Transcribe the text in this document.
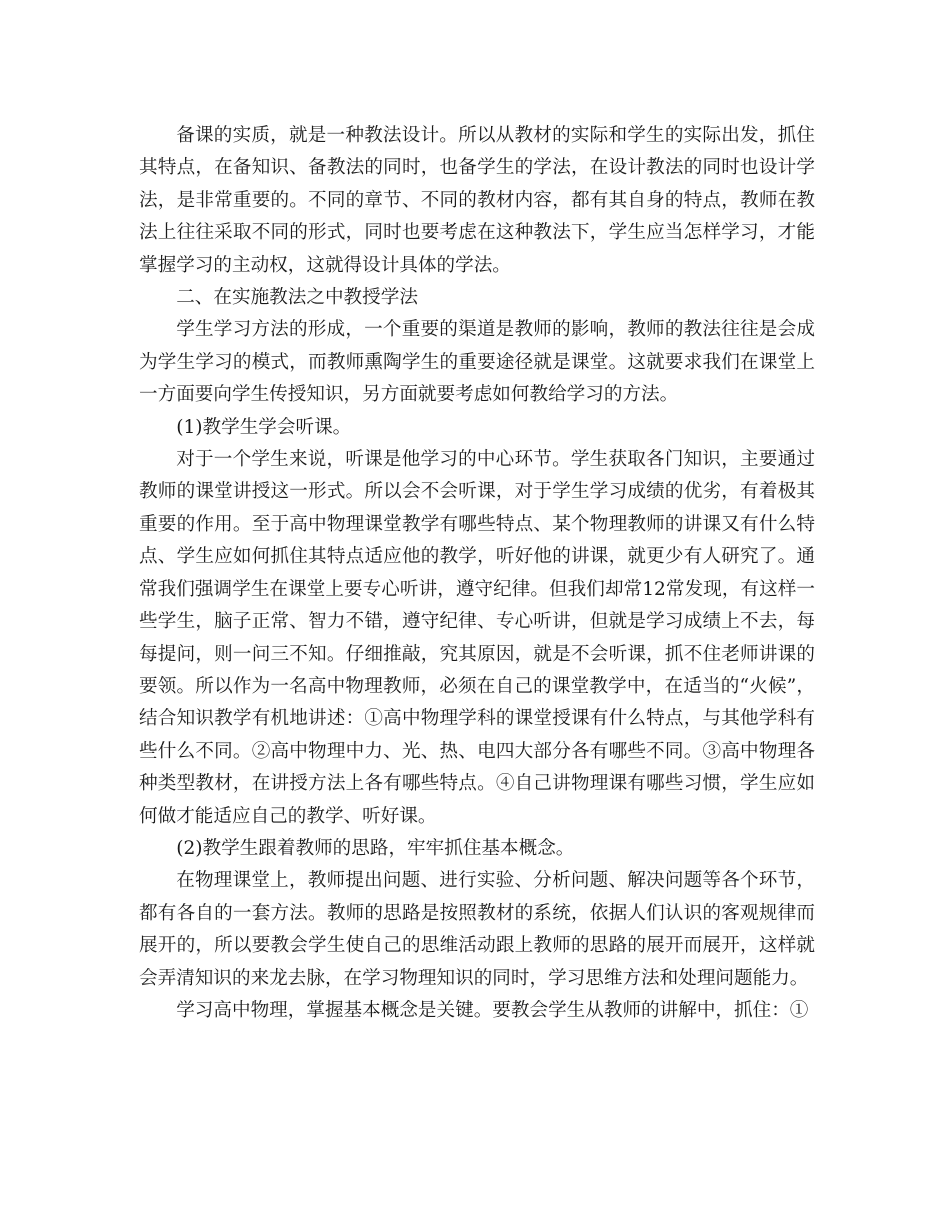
备课的实质，就是一种教法设计。所以从教材的实际和学生的实际出发，抓住其特点，在备知识、备教法的同时，也备学生的学法，在设计教法的同时也设计学法，是非常重要的。不同的章节、不同的教材内容，都有其自身的特点，教师在教法上往往采取不同的形式，同时也要考虑在这种教法下，学生应当怎样学习，才能掌握学习的主动权，这就得设计具体的学法。

二、在实施教法之中教授学法

学生学习方法的形成，一个重要的渠道是教师的影响，教师的教法往往是会成为学生学习的模式，而教师熏陶学生的重要途径就是课堂。这就要求我们在课堂上一方面要向学生传授知识，另方面就要考虑如何教给学习的方法。

(1)教学生学会听课。

对于一个学生来说，听课是他学习的中心环节。学生获取各门知识，主要通过教师的课堂讲授这一形式。所以会不会听课，对于学生学习成绩的优劣，有着极其重要的作用。至于高中物理课堂教学有哪些特点、某个物理教师的讲课又有什么特点、学生应如何抓住其特点适应他的教学，听好他的讲课，就更少有人研究了。通常我们强调学生在课堂上要专心听讲，遵守纪律。但我们却常12常发现，有这样一些学生，脑子正常、智力不错，遵守纪律、专心听讲，但就是学习成绩上不去，每每提问，则一问三不知。仔细推敲，究其原因，就是不会听课，抓不住老师讲课的要领。所以作为一名高中物理教师，必须在自己的课堂教学中，在适当的“火候”，结合知识教学有机地讲述：①高中物理学科的课堂授课有什么特点，与其他学科有些什么不同。②高中物理中力、光、热、电四大部分各有哪些不同。③高中物理各种类型教材，在讲授方法上各有哪些特点。④自己讲物理课有哪些习惯，学生应如何做才能适应自己的教学、听好课。

(2)教学生跟着教师的思路，牢牢抓住基本概念。

在物理课堂上，教师提出问题、进行实验、分析问题、解决问题等各个环节，都有各自的一套方法。教师的思路是按照教材的系统，依据人们认识的客观规律而展开的，所以要教会学生使自己的思维活动跟上教师的思路的展开而展开，这样就会弄清知识的来龙去脉，在学习物理知识的同时，学习思维方法和处理问题能力。

学习高中物理，掌握基本概念是关键。要教会学生从教师的讲解中，抓住：①
